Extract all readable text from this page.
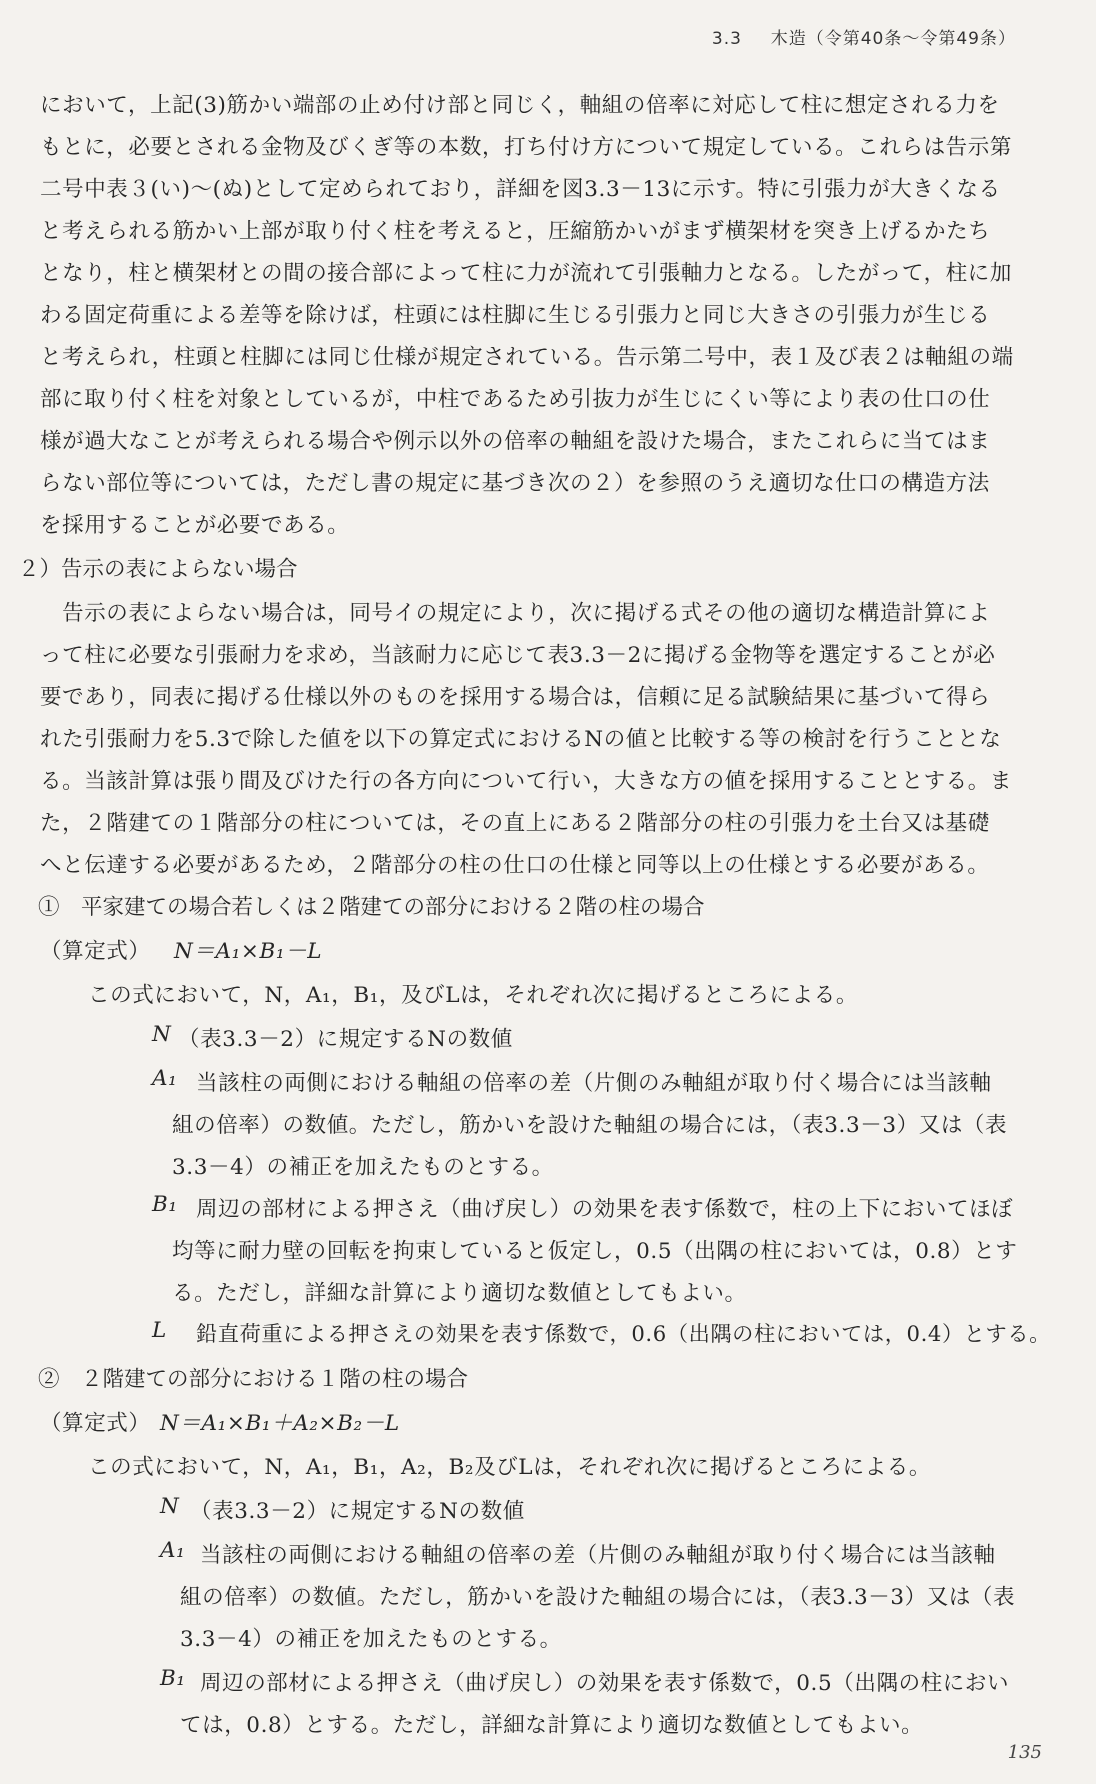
3.3 木造（令第40条～令第49条）
において，上記(3)筋かい端部の止め付け部と同じく，軸組の倍率に対応して柱に想定される力を
もとに，必要とされる金物及びくぎ等の本数，打ち付け方について規定している。これらは告示第
二号中表３(い)～(ぬ)として定められており，詳細を図3.3－13に示す。特に引張力が大きくなる
と考えられる筋かい上部が取り付く柱を考えると，圧縮筋かいがまず横架材を突き上げるかたち
となり，柱と横架材との間の接合部によって柱に力が流れて引張軸力となる。したがって，柱に加
わる固定荷重による差等を除けば，柱頭には柱脚に生じる引張力と同じ大きさの引張力が生じる
と考えられ，柱頭と柱脚には同じ仕様が規定されている。告示第二号中，表１及び表２は軸組の端
部に取り付く柱を対象としているが，中柱であるため引抜力が生じにくい等により表の仕口の仕
様が過大なことが考えられる場合や例示以外の倍率の軸組を設けた場合，またこれらに当てはま
らない部位等については，ただし書の規定に基づき次の２）を参照のうえ適切な仕口の構造方法
を採用することが必要である。
２）告示の表によらない場合
　告示の表によらない場合は，同号イの規定により，次に掲げる式その他の適切な構造計算によ
って柱に必要な引張耐力を求め，当該耐力に応じて表3.3－2に掲げる金物等を選定することが必
要であり，同表に掲げる仕様以外のものを採用する場合は，信頼に足る試験結果に基づいて得ら
れた引張耐力を5.3で除した値を以下の算定式におけるNの値と比較する等の検討を行うこととな
る。当該計算は張り間及びけた行の各方向について行い，大きな方の値を採用することとする。ま
た，２階建ての１階部分の柱については，その直上にある２階部分の柱の引張力を土台又は基礎
へと伝達する必要があるため，２階部分の柱の仕口の仕様と同等以上の仕様とする必要がある。
①　平家建ての場合若しくは２階建ての部分における２階の柱の場合
（算定式） N＝A₁×B₁－L
この式において，N，A₁，B₁，及びLは，それぞれ次に掲げるところによる。
N （表3.3－2）に規定するNの数値
A₁ 当該柱の両側における軸組の倍率の差（片側のみ軸組が取り付く場合には当該軸
組の倍率）の数値。ただし，筋かいを設けた軸組の場合には，（表3.3－3）又は（表
3.3－4）の補正を加えたものとする。
B₁ 周辺の部材による押さえ（曲げ戻し）の効果を表す係数で，柱の上下においてほぼ
均等に耐力壁の回転を拘束していると仮定し，0.5（出隅の柱においては，0.8）とす
る。ただし，詳細な計算により適切な数値としてもよい。
L 鉛直荷重による押さえの効果を表す係数で，0.6（出隅の柱においては，0.4）とする。
②　２階建ての部分における１階の柱の場合
（算定式） N＝A₁×B₁＋A₂×B₂－L
この式において，N，A₁，B₁，A₂，B₂及びLは，それぞれ次に掲げるところによる。
N （表3.3－2）に規定するNの数値
A₁ 当該柱の両側における軸組の倍率の差（片側のみ軸組が取り付く場合には当該軸
組の倍率）の数値。ただし，筋かいを設けた軸組の場合には，（表3.3－3）又は（表
3.3－4）の補正を加えたものとする。
B₁ 周辺の部材による押さえ（曲げ戻し）の効果を表す係数で，0.5（出隅の柱におい
ては，0.8）とする。ただし，詳細な計算により適切な数値としてもよい。
135
